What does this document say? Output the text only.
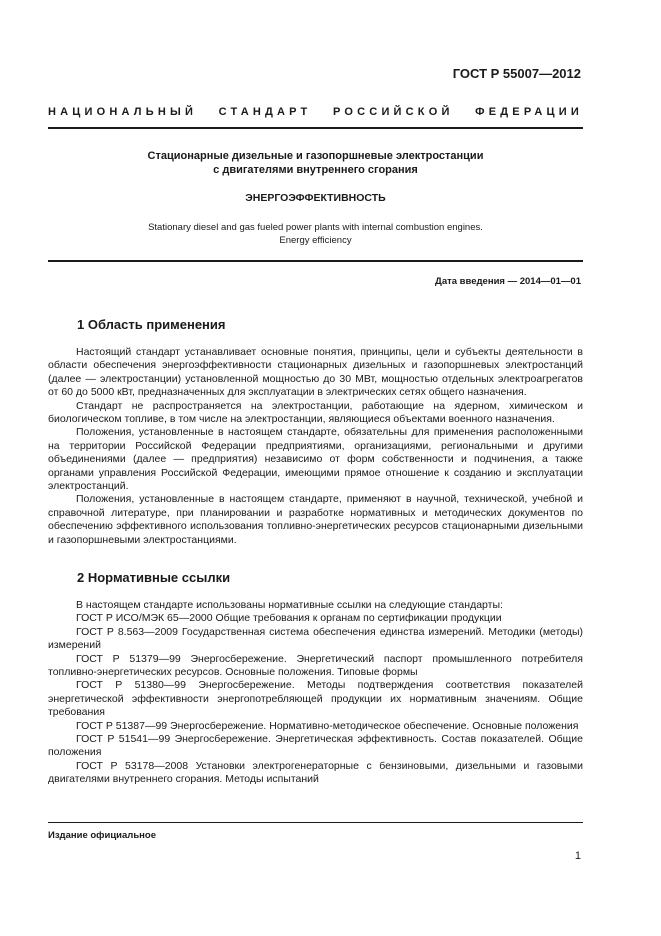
ГОСТ Р 55007—2012
НАЦИОНАЛЬНЫЙ СТАНДАРТ РОССИЙСКОЙ ФЕДЕРАЦИИ
Стационарные дизельные и газопоршневые электростанции
с двигателями внутреннего сгорания
ЭНЕРГОЭФФЕКТИВНОСТЬ
Stationary diesel and gas fueled power plants with internal combustion engines.
Energy efficiency
Дата введения — 2014—01—01
1 Область применения

Настоящий стандарт устанавливает основные понятия, принципы, цели и субъекты деятельности в области обеспечения энергоэффективности стационарных дизельных и газопоршневых электростанций (далее — электростанции) установленной мощностью до 30 МВт, мощностью отдельных электроагрегатов от 60 до 5000 кВт, предназначенных для эксплуатации в электрических сетях общего назначения.

Стандарт не распространяется на электростанции, работающие на ядерном, химическом и биологическом топливе, в том числе на электростанции, являющиеся объектами военного назначения.

Положения, установленные в настоящем стандарте, обязательны для применения расположенными на территории Российской Федерации предприятиями, организациями, региональными и другими объединениями (далее — предприятия) независимо от форм собственности и подчинения, а также органами управления Российской Федерации, имеющими прямое отношение к созданию и эксплуатации электростанций.

Положения, установленные в настоящем стандарте, применяют в научной, технической, учебной и справочной литературе, при планировании и разработке нормативных и методических документов по обеспечению эффективного использования топливно-энергетических ресурсов стационарными дизельными и газопоршневыми электростанциями.

2 Нормативные ссылки

В настоящем стандарте использованы нормативные ссылки на следующие стандарты:

ГОСТ Р ИСО/МЭК 65—2000 Общие требования к органам по сертификации продукции

ГОСТ Р 8.563—2009 Государственная система обеспечения единства измерений. Методики (методы) измерений

ГОСТ Р 51379—99 Энергосбережение. Энергетический паспорт промышленного потребителя топливно-энергетических ресурсов. Основные положения. Типовые формы

ГОСТ Р 51380—99 Энергосбережение. Методы подтверждения соответствия показателей энергетической эффективности энергопотребляющей продукции их нормативным значениям. Общие требования

ГОСТ Р 51387—99 Энергосбережение. Нормативно-методическое обеспечение. Основные положения

ГОСТ Р 51541—99 Энергосбережение. Энергетическая эффективность. Состав показателей. Общие положения

ГОСТ Р 53178—2008 Установки электрогенераторные с бензиновыми, дизельными и газовыми двигателями внутреннего сгорания. Методы испытаний

Издание официальное
1
